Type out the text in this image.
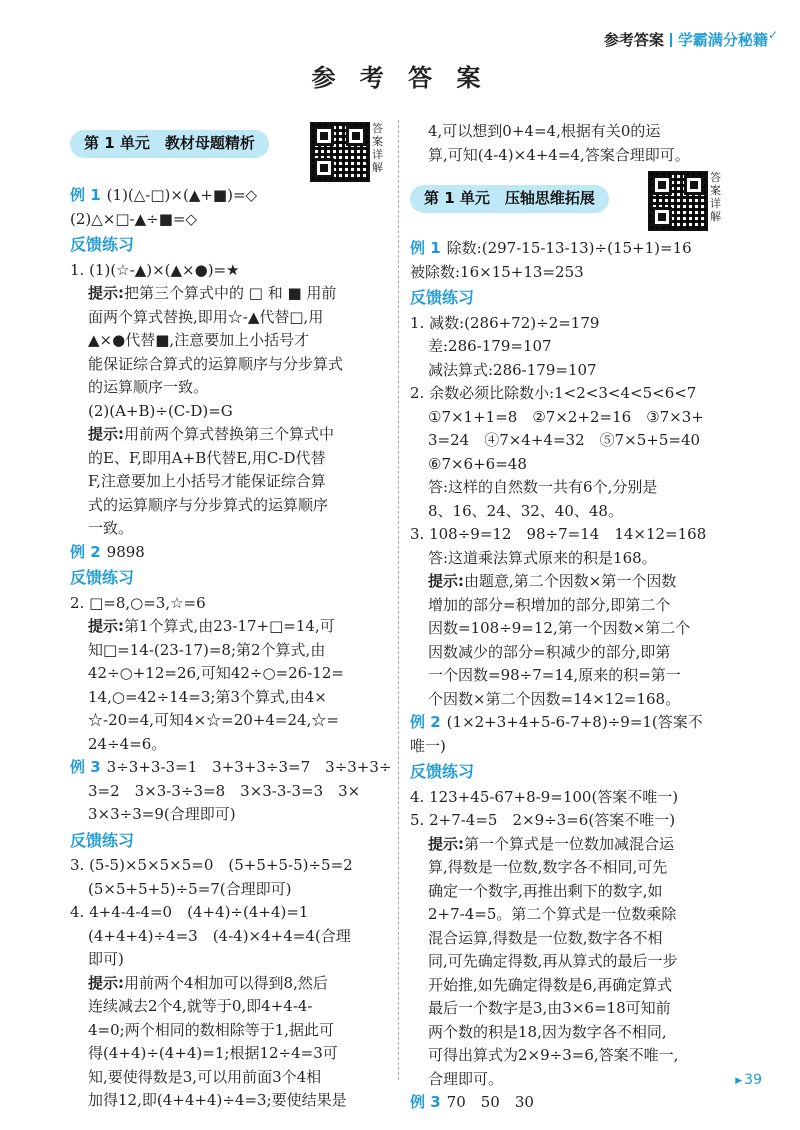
参考答案 学霸满分秘籍✓
参 考 答 案
第 1 单元　教材母题精析
答案详解
例 1 (1)(△-□)×(▲+■)=◇
(2)△×□-▲÷■=◇
反馈练习
1. (1)(☆-▲)×(▲×●)=★
提示:把第三个算式中的 □ 和 ■ 用前
面两个算式替换,即用☆-▲代替□,用
▲×●代替■,注意要加上小括号才
能保证综合算式的运算顺序与分步算式
的运算顺序一致。
(2)(A+B)÷(C-D)=G
提示:用前两个算式替换第三个算式中
的E、F,即用A+B代替E,用C-D代替
F,注意要加上小括号才能保证综合算
式的运算顺序与分步算式的运算顺序
一致。
例 2 9898
反馈练习
2. □=8,○=3,☆=6
提示:第1个算式,由23-17+□=14,可
知□=14-(23-17)=8;第2个算式,由
42÷○+12=26,可知42÷○=26-12=
14,○=42÷14=3;第3个算式,由4×
☆-20=4,可知4×☆=20+4=24,☆=
24÷4=6。
例 3 3÷3+3-3=1　3+3+3÷3=7　3÷3+3÷
3=2　3×3-3÷3=8　3×3-3-3=3　3×
3×3÷3=9(合理即可)
反馈练习
3. (5-5)×5×5×5=0　(5+5+5-5)÷5=2
(5×5+5+5)÷5=7(合理即可)
4. 4+4-4-4=0　(4+4)÷(4+4)=1
(4+4+4)÷4=3　(4-4)×4+4=4(合理
即可)
提示:用前两个4相加可以得到8,然后
连续减去2个4,就等于0,即4+4-4-
4=0;两个相同的数相除等于1,据此可
得(4+4)÷(4+4)=1;根据12÷4=3可
知,要使得数是3,可以用前面3个4相
加得12,即(4+4+4)÷4=3;要使结果是
4,可以想到0+4=4,根据有关0的运
算,可知(4-4)×4+4=4,答案合理即可。
第 1 单元　压轴思维拓展
答案详解
例 1 除数:(297-15-13-13)÷(15+1)=16
被除数:16×15+13=253
反馈练习
1. 减数:(286+72)÷2=179
差:286-179=107
减法算式:286-179=107
2. 余数必须比除数小:1<2<3<4<5<6<7
①7×1+1=8　②7×2+2=16　③7×3+
3=24　④7×4+4=32　⑤7×5+5=40
⑥7×6+6=48
答:这样的自然数一共有6个,分别是
8、16、24、32、40、48。
3. 108÷9=12　98÷7=14　14×12=168
答:这道乘法算式原来的积是168。
提示:由题意,第二个因数×第一个因数
增加的部分=积增加的部分,即第二个
因数=108÷9=12,第一个因数×第二个
因数减少的部分=积减少的部分,即第
一个因数=98÷7=14,原来的积=第一
个因数×第二个因数=14×12=168。
例 2 (1×2+3+4+5-6-7+8)÷9=1(答案不
唯一)
反馈练习
4. 123+45-67+8-9=100(答案不唯一)
5. 2+7-4=5　2×9÷3=6(答案不唯一)
提示:第一个算式是一位数加减混合运
算,得数是一位数,数字各不相同,可先
确定一个数字,再推出剩下的数字,如
2+7-4=5。第二个算式是一位数乘除
混合运算,得数是一位数,数字各不相
同,可先确定得数,再从算式的最后一步
开始推,如先确定得数是6,再确定算式
最后一个数字是3,由3×6=18可知前
两个数的积是18,因为数字各不相同,
可得出算式为2×9÷3=6,答案不唯一,
合理即可。
例 3 70　50　30
▶ 39
